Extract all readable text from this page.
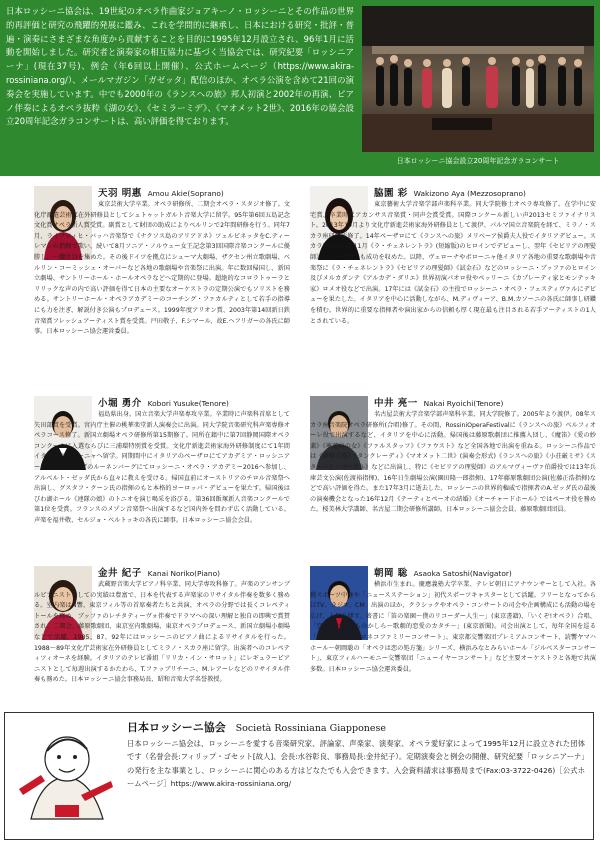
日本ロッシーニ協会は、19世紀のオペラ作曲家ジョアキーノ・ロッシーニとその作品の世界的再評価と研究の飛躍的発展に鑑み、これを学問的に継承し、日本における研究・批評・普遍・演奏にさまざまな角度から貢献することを目的に1995年12月設立され、96年1月に活動を開始しました。研究者と演奏家の相互協力に基づく当協会では、研究紀要「ロッシニアーナ」(現在37号)、例会（年6回以上開催）、公式ホームページ（https://www.akira-rossiniana.org/）、メールマガジン「ガゼッタ」配信のほか、オペラ公演を含めて21回の演奏会を実施しています。中でも2000年の《ランスへの旅》邦人初演と2002年の再演、ピアノ伴奏によるオペラ抜粋《湖の女》、《セミラーミデ》、《マオメット2世》、2016年の協会設立20周年記念ガラコンサートは、高い評価を得ております。
日本ロッシーニ協会設立20周年記念ガラコンサート
天羽 明惠 Amou Akie(Soprano)
東京芸術大学卒業。オペラ研修所、二期会オペラ・スタジオ修了。文化庁派遣芸術家在外研修員としてシュトゥットガルト音楽大学に留学。95年第6回五島記念文化賞オペラ新人賞受賞。副賞として財団の助成によりベルリンで2年間研修を行う。同年7月、ライプツィヒ・バッハ音楽祭で《ナクソス島のアリアドネ》ツェルビネッタをC.ティーレマンの指揮で歌い、続いて8月ソニア・ノルウェー女王記念第3回国際音楽コンクールに優勝し、一躍注目を集めた。その後ドイツを拠点にシューマ大劇場、ザクセン州立歌劇場、ベルリン・コーミッシェ・オーパーなど各地の歌劇場や音楽祭に出演。年に数回帰国し、新国立劇場、サントリーホール・ホールオペラなどへ定期的に登場。超絶的なコロラトゥーラとリリックな声の内で高い評価を得て日本の主要なオーケストラの定期公演でもソリストを務める。サントリーホール・オペラアカデミーのコーチング・ファカルティとして若手の指導にも力を注ぎ、解説付き公演もプロデュース。1999年度アリオン賞、2003年第14回新日鉄音楽賞フレッシュアーティスト賞を受賞。戸田敬子、F.シマール、故E.ヘフリガーの各氏に師事。日本ロッシーニ協会運営委員。
脇園 彩 Wakizono Aya (Mezzosoprano)
東京藝術大学音楽学部声楽科卒業。同大学院修士オペラ専攻修了。在学中に安宅賞、卒業時にアカンサス音楽賞・同声会賞受賞。国際コンクール新しい声2013セミファイナリスト。2013年10月より文化庁新進芸術家海外研修員として渡伊、パルマ国立音楽院を経て、ミラノ・スカラ座研修所修了。14年ペーザロにて《ランスへの旅》メリベーア侯爵夫人役でイタリアデビュー。スカラ座には同年11月《ラ・チェネレントラ》(短縮版)のヒロインでデビューし、翌年《セビリアの理髪師》ロジーナ役でも成功を収めた。以降、ヴェローナやボローニャ他イタリア各地の重要な歌劇場や音楽祭に《ラ・チェネレントラ》《セビリアの理髪師》《試金石》などのロッシーニ・ブッファのヒロイン及びメルカダンテ《アルカデ・ダリエ》世界初演パオロ役やペッリーニ《カプレーティ家とモンテッキ家》ロメオ役などで出演。17年には《試金石》の主役でロッシーニ・オペラ・フェスティヴァルにデビューを果たした。イタリアを中心に活動しながら、M.ディヴィーア、B.M.カソーニの各氏に師事し研鑽を積む。世界的に重要な指揮者や演出家からの信頼も厚く現在最も注目される若手アーティストの1人とされている。
小堀 勇介 Kobori Yusuke(Tenore)
福島県出身。国立音楽大学声楽専攻卒業。卒業時に声楽科首席として矢田部賞を受賞。宮内庁主催の桃華楽堂新人演奏会に出演。同大学院音楽研究科声楽専修オペラコース修了。新国立劇場オペラ研修所第15期修了。同所在籍中に第7回静岡国際オペラコンクールに入選ならびに三浦環特別賞を受賞。文化庁新進芸術家海外研修制度にて1年間イタリアのボローニャへ留学。同期間中にイタリアのペーザロにてアカデミア・ロッシニアーナ2016、カナダのルーネンバーグにてロッシーニ・オペラ・アカデミー2016へ参加し、アルベルト・ゼッダ氏から直々に教えを受ける。帰国直前にオーストリアのチロル音楽祭へ出演し、グスタフ・クーン氏の指揮のもと本格的ヨーロッパ・デビューを果たす。帰国後はびわ湖ホール《連隊の娘》のトニオを演じ喝采を浴びる。第36回飯塚新人音楽コンクールで第1位を受賞。フランスのメゾン音楽祭へ出演するなど国内外を問わず広く活動している。声楽を福井敬、セルジョ・ベルトッキの各氏に師事。日本ロッシーニ協会会員。
中井 亮一 Nakai Ryoichi(Tenore)
名古屋芸術大学音楽学部声楽科卒業、同大学院修了。2005年より渡伊。08年スカラ座音楽院オペラ研修所(合唱)修了。その間、RossiniOperaFestivalに《ランスへの旅》ベルフィオーレ役で出演するなど、イタリアを中心に活動。帰国後は藤原歌劇団に推薦入団し、《魔笛》《愛の妙薬》《夢遊病の女》《ファルスタッフ》《ファウスト》など全国各地で出演を重ねる。ロッシーニ作品では《結婚手形》《タンクレーディ》《マオメット二世》(演奏会形式)《ランスへの旅》《小荘厳ミサ》《スターバト・マーテル》などに出演し、特に《セビリアの理髪師》のアルマヴィーヴァ伯爵役では13年兵庫芸文公演(佐渡裕指揮)、16年日生劇場公演(園田隆一郎指揮)、17年藤原歌劇団公演(佐藤正浩指揮)などで高い評価を得た。また17年3月に逝去した、ロッシーニの世界的権威で指揮者のA.ゼッダ氏の最後の演奏機会となった16年12月《テーティとペーオの結婚》《オーチャードホール》ではペーオ役を務めた。桜美林大学講師、名古屋二期会研修所講師。日本ロッシーニ協会会員、藤原歌劇団団員。
金井 紀子 Kanai Noriko(Piano)
武蔵野音楽大学ピアノ科卒業、同大学専攻科修了。声楽のアンサンブルピアニストとしての実績は豊富で、日本を代表する声楽家のリサイタル伴奏を数多く務める。室内楽はN響、東京フィル等の首席奏者たちと共演、オペラの分野では長くコレペティトールを務め、ブッファのレチタティーヴォ伴奏でドラマへの深い理解と独自の即興で賞賛され、二期会、藤原歌劇団、東京室内歌劇場、東京オペラプロデュース、新国立劇場小劇場などで活躍。1985、87、92年にはロッシーニのピアノ曲によるリサイタルを行った。1988～89年文化庁芸術家在外研修員としてミラノ・スカラ座に留学。出演者へのコレペティツィオーネを経験。イタリアのテレビ番組「リリカ・イン・サロット」にレギュラーピアニストとして毎週出演するかたわら、T.ファッブリチーニ、M.レアーレなどのリサイタル伴奏も務めた。日本ロッシーニ協会事務局長、昭和音楽大学名誉教授。
朝岡 聡 Asaoka Satoshi(Navigator)
横浜市生まれ。慶應義塾大学卒業、テレビ朝日にアナウンサーとして入社。各種スポーツ中継や「ニュースステーション」初代スポーツキャスターとして活躍。フリーとなってからはTV、ラジオ、CM　出演のほか、クラシックやオペラ・コンサートの司会や企画構成にも活動の場を広げ、人気を博す。著書に「笛の楽園～僕のリコーダー人生～」(東京書籍)、「いくぞ!オペラ）合唱、「恋とはどんなものかしら～歌劇的恋愛のカタチ～」(東京新聞)。司会出演として、毎年全国を巡る「音楽宅急便～クロネコファミリーコンサート」、東京都交響楽団プレミアムコンサート、読響ヤマハホール～朝岡聡の「オペラは恋の処方箋」シリーズ、横浜みなとみらいホール「ジルベスターコンサート」、東京フィルハーモニー交響楽団「ニューイヤーコンサート」など主要オーケストラと各地で共演多数。日本ロッシーニ協会運営委員。
日本ロッシーニ協会 Società Rossiniana Giapponese
日本ロッシーニ協会は、ロッシーニを愛する音楽研究家、評論家、声楽家、演奏家、オペラ愛好家によって1995年12月に設立された団体です（名誉会長:フィリップ・ゴセット[故人]、会長:水谷彰良、事務局長:金井紀子）。定期演奏会と例会の開催、研究紀要「ロッシニアーナ」の発行を主な事業とし、ロッシーニに関心のある方はどなたでも入会できます。入会資料請求は事務局まで(Fax:03-3722-0426)［公式ホームページ］https://www.akira-rossiniana.org/
